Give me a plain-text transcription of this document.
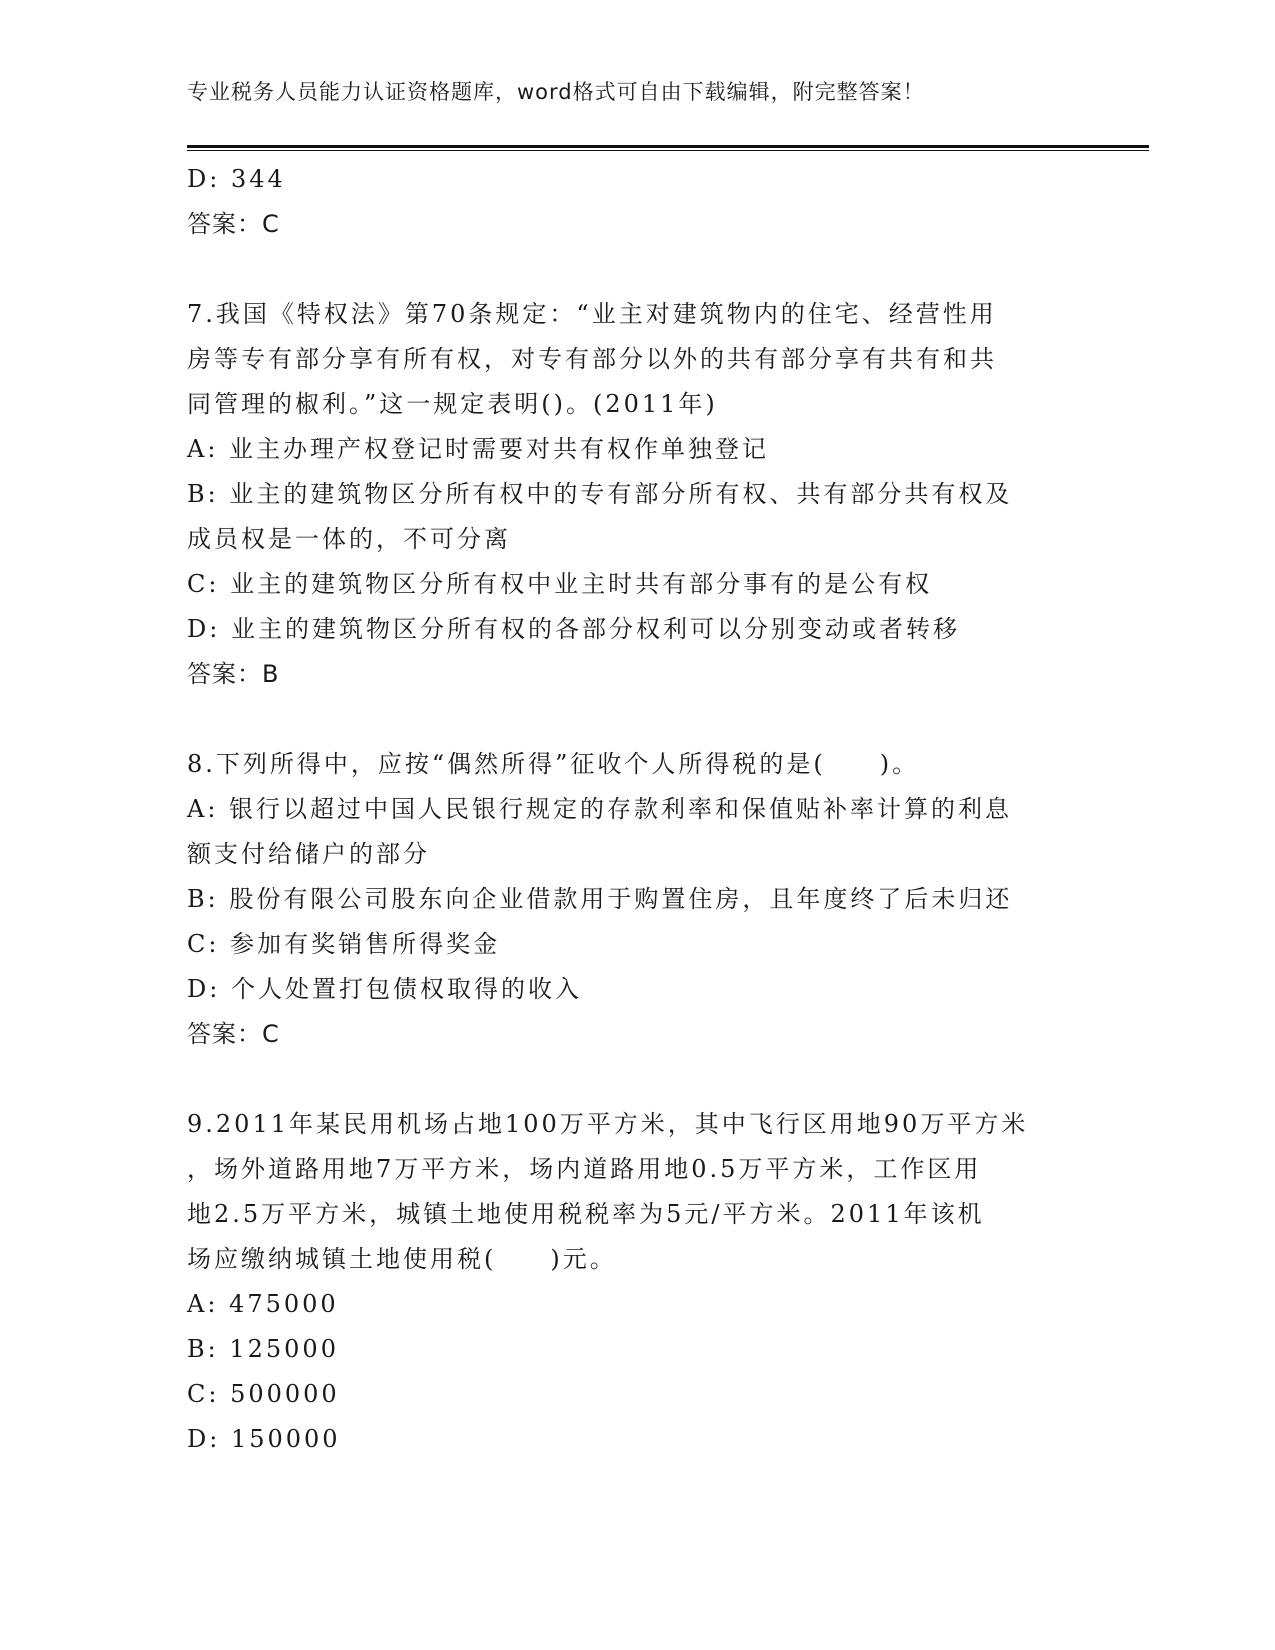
专业税务人员能力认证资格题库，word格式可自由下载编辑，附完整答案！
D: 344
答案：C
7.我国《特权法》第70条规定：“业主对建筑物内的住宅、经营性用
房等专有部分享有所有权，对专有部分以外的共有部分享有共有和共
同管理的椒利。”这一规定表明()。(2011年)
A: 业主办理产权登记时需要对共有权作单独登记
B: 业主的建筑物区分所有权中的专有部分所有权、共有部分共有权及
成员权是一体的，不可分离
C: 业主的建筑物区分所有权中业主时共有部分事有的是公有权
D: 业主的建筑物区分所有权的各部分权利可以分别变动或者转移
答案：B
8.下列所得中，应按“偶然所得”征收个人所得税的是(　　)。
A: 银行以超过中国人民银行规定的存款利率和保值贴补率计算的利息
额支付给储户的部分
B: 股份有限公司股东向企业借款用于购置住房，且年度终了后未归还
C: 参加有奖销售所得奖金
D: 个人处置打包债权取得的收入
答案：C
9.2011年某民用机场占地100万平方米，其中飞行区用地90万平方米
，场外道路用地7万平方米，场内道路用地0.5万平方米，工作区用
地2.5万平方米，城镇土地使用税税率为5元/平方米。2011年该机
场应缴纳城镇土地使用税(　　)元。
A: 475000
B: 125000
C: 500000
D: 150000
